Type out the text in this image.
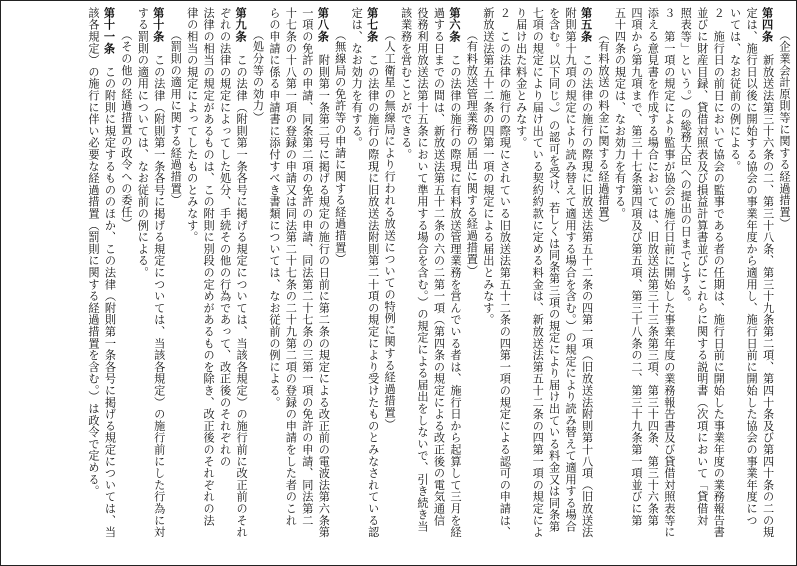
（企業会計原則等に関する経過措置）
第四条　新放送法第三十六条の二、第三十八条、第三十九条第二項、第四十条及び第四十条の二の規
定は、施行日以後に開始する協会の事業年度から適用し、施行日前に開始した協会の事業年度につ
いては、なお従前の例による。
２　施行日の前日において協会の監事である者の任期は、施行日前に開始した事業年度の業務報告書
並びに財産目録、貸借対照表及び損益計算書並びにこれらに関する説明書（次項において「貸借対
照表等」という。）の総務大臣への提出の日までとする。
３　第一項の規定により監事が協会の施行日前に開始した事業年度の業務報告書及び貸借対照表等に
添える意見書を作成する場合においては、旧放送法第三十三条第三項、第三十四条、第三十六条第
四項から第九項まで、第三十七条第四項及び第五項、第三十八条の二、第三十九条第一項並びに第
五十四条の規定は、なお効力を有する。
（有料放送の料金に関する経過措置）
第五条　この法律の施行の際現に旧放送法第五十二条の四第一項（旧放送法附則第十八項（旧放送法
附則第十九項の規定により読み替えて適用する場合を含む。）の規定により読み替えて適用する場合
を含む。以下同じ。）の認可を受け、若しくは同条第三項の規定により届け出ている料金又は同条第
七項の規定により届け出ている契約約款に定める料金は、新放送法第五十二条の四第一項の規定によ
り届け出た料金とみなす。
２　この法律の施行の際現にされている旧放送法第五十二条の四第一項の規定による認可の申請は、
新放送法第五十二条の四第一項の規定による届出とみなす。
（有料放送管理業務の届出に関する経過措置）
第六条　この法律の施行の際現に有料放送管理業務を営んでいる者は、施行日から起算して三月を経
過する日までの間は、新放送法第五十二条の六の二第一項（第四条の規定による改正後の電気通信
役務利用放送法第十五条において準用する場合を含む。）の規定による届出をしないで、引き続き当
該業務を営むことができる。
（人工衛星の無線局により行われる放送についての特例に関する経過措置）
第七条　この法律の施行の際現に旧放送法附則第二十項の規定により受けたものとみなされている認
定は、なお効力を有する。
（無線局の免許等の申請に関する経過措置）
第八条　附則第一条第二号に掲げる規定の施行の日前に第二条の規定による改正前の電波法第六条第
一項の免許の申請、同条第二項の免許の申請、同法第二十七条の三第一項の免許の申請、同法第二
十七条の十八第一項の登録の申請又は同法第二十七条の二十九第二項の登録の申請をした者のこれ
らの申請に係る申請書に添付すべき書類については、なお従前の例による。
（処分等の効力）
第九条　この法律（附則第一条各号に掲げる規定については、当該各規定）の施行前に改正前のそれ
ぞれの法律の規定によってした処分、手続その他の行為であって、改正後のそれぞれの
法律の相当の規定があるものは、この附則に別段の定めがあるものを除き、改正後のそれぞれの法
律の相当の規定によってしたものとみなす。
（罰則の適用に関する経過措置）
第十条　この法律（附則第一条各号に掲げる規定については、当該各規定）の施行前にした行為に対
する罰則の適用については、なお従前の例による。
（その他の経過措置の政令への委任）
第十一条　この附則に規定するもののほか、この法律（附則第一条各号に掲げる規定については、当
該各規定）の施行に伴い必要な経過措置（罰則に関する経過措置を含む。）は政令で定める。
